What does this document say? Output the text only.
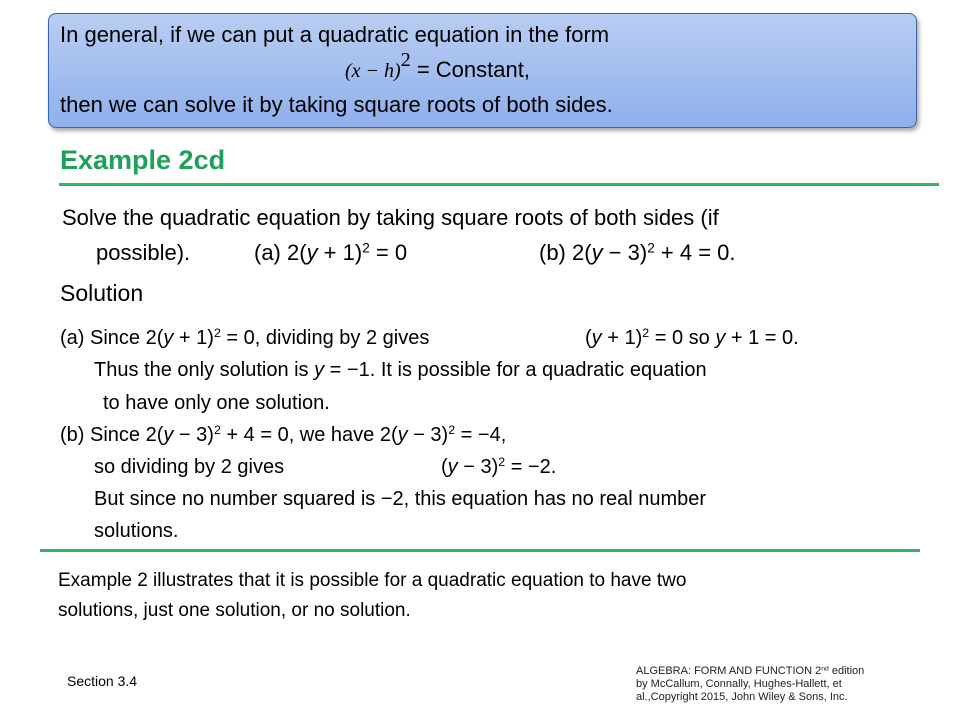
In general, if we can put a quadratic equation in the form
$(x - h)^2$ = Constant,
then we can solve it by taking square roots of both sides.
Example 2cd
Solve the quadratic equation by taking square roots of both sides (if
possible).	(a) $2(y + 1)^2 = 0$	(b) $2(y - 3)^2 + 4 = 0$.
Solution
(a) Since $2(y + 1)^2 = 0$, dividing by 2 gives	$(y + 1)^2 = 0$ so y + 1 = 0.
Thus the only solution is y = −1. It is possible for a quadratic equation
to have only one solution.
(b) Since $2(y - 3)^2 + 4 = 0$, we have $2(y - 3)^2 = -4$,
so dividing by 2 gives	$(y - 3)^2 = -2$.
But since no number squared is −2, this equation has no real number
solutions.
Example 2 illustrates that it is possible for a quadratic equation to have two
solutions, just one solution, or no solution.
Section 3.4
ALGEBRA: FORM AND FUNCTION 2nd edition
by McCallum, Connally, Hughes-Hallett, et
al.,Copyright 2015, John Wiley & Sons, Inc.
